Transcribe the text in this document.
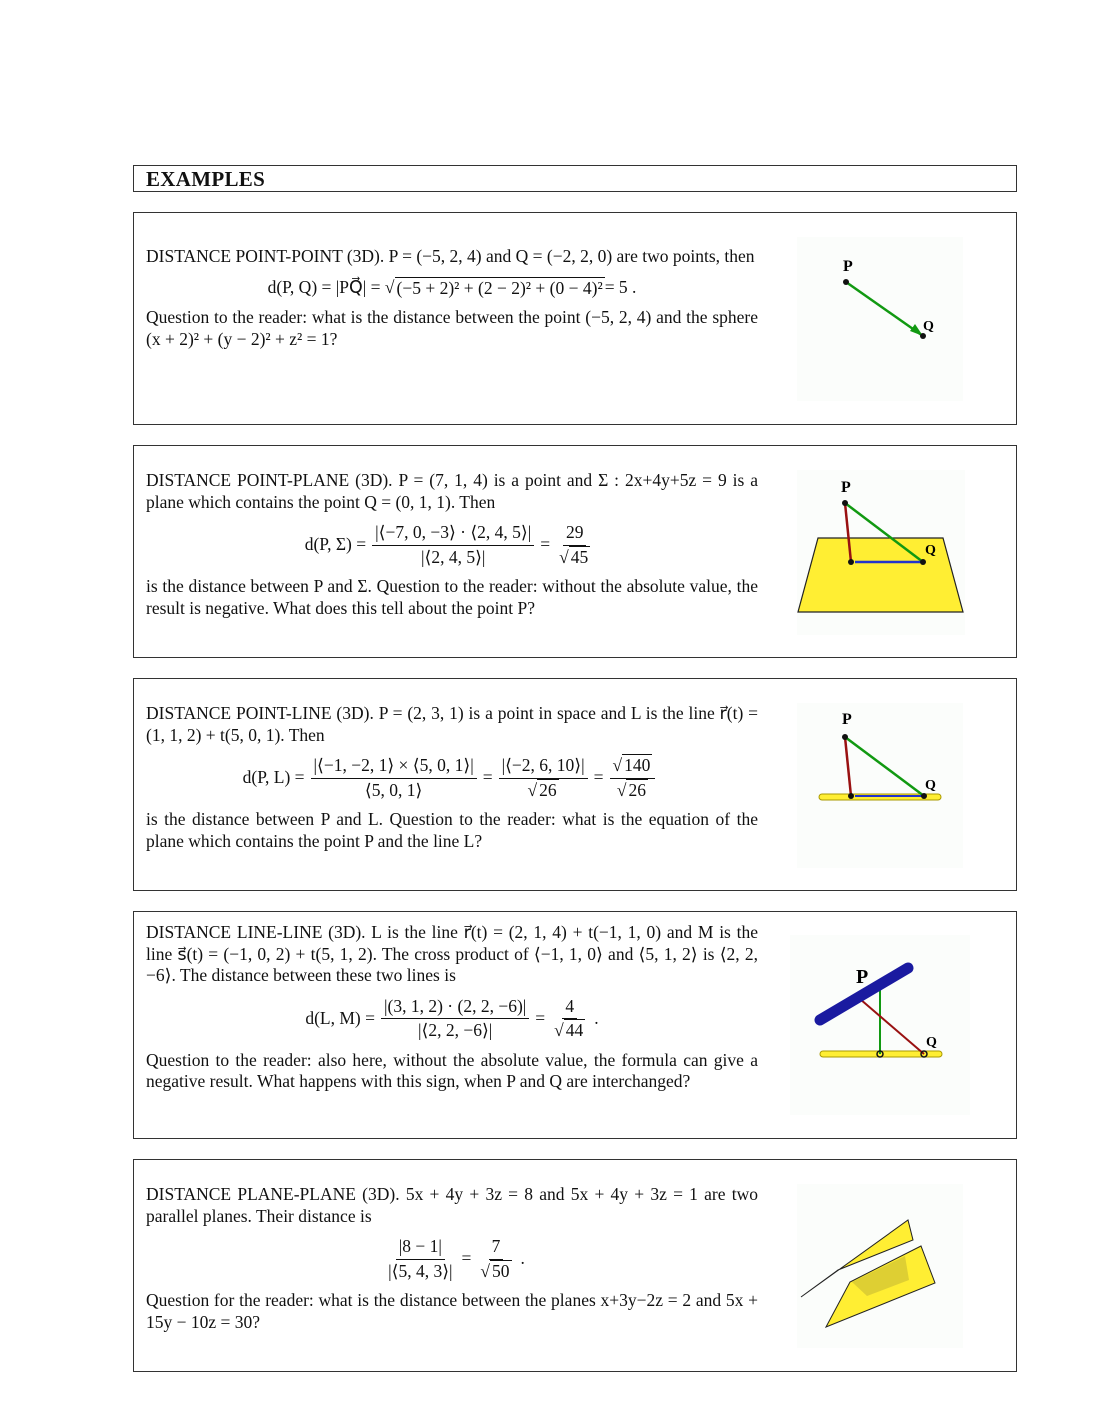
EXAMPLES

DISTANCE POINT-POINT (3D). P = (−5, 2, 4) and Q = (−2, 2, 0) are two points, then

d(P, Q) = |PQ⃗| = √ (−5 + 2)² + (2 − 2)² + (0 − 4)² = 5 .

Question to the reader: what is the distance between the point (−5, 2, 4) and the sphere (x + 2)² + (y − 2)² + z² = 1?

P
Q

DISTANCE POINT-PLANE (3D). P = (7, 1, 4) is a point and Σ : 2x+4y+5z = 9 is a plane which contains the point Q = (0, 1, 1). Then

d(P, $\Sigma) = \frac{|⟨-7, 0, -3⟩ \cdot ⟨2, 4, 5⟩|}{|⟨2, 4, 5⟩|} = \frac{29}{√ 45}$

is the distance between P and Σ. Question to the reader: without the absolute value, the result is negative. What does this tell about the point P?

P
Q

DISTANCE POINT-LINE (3D). P = (2, 3, 1) is a point in space and L is the line r⃗(t) = (1, 1, 2) + t(5, 0, 1). Then

d(P, $L) = \frac{|⟨-1, -2, 1⟩ \times ⟨5, 0, 1⟩|}{⟨5, 0, 1⟩} = \frac{|⟨-2, 6, 10⟩|}{√ 26} = \frac{√ 140}{√ 26}$

is the distance between P and L. Question to the reader: what is the equation of the plane which contains the point P and the line L?

P
Q

DISTANCE LINE-LINE (3D). L is the line r⃗(t) = (2, 1, 4) + t(−1, 1, 0) and M is the line s⃗(t) = (−1, 0, 2) + t(5, 1, 2). The cross product of ⟨−1, 1, 0⟩ and ⟨5, 1, 2⟩ is ⟨2, 2, −6⟩. The distance between these two lines is

d(L, $M) = \frac{|(3, 1, 2) \cdot (2, 2, -6)|}{|⟨2, 2, -6⟩|} = \frac{4}{√ 44}$ .

Question to the reader: also here, without the absolute value, the formula can give a negative result. What happens with this sign, when P and Q are interchanged?

P
Q

DISTANCE PLANE-PLANE (3D). 5x + 4y + 3z = 8 and 5x + 4y + 3z = 1 are two parallel planes. Their distance is

$\frac{|8 - 1|}{|⟨5, 4, 3⟩|} = \frac{7}{√ 50}$ .

Question for the reader: what is the distance between the planes x+3y−2z = 2 and 5x + 15y − 10z = 30?
